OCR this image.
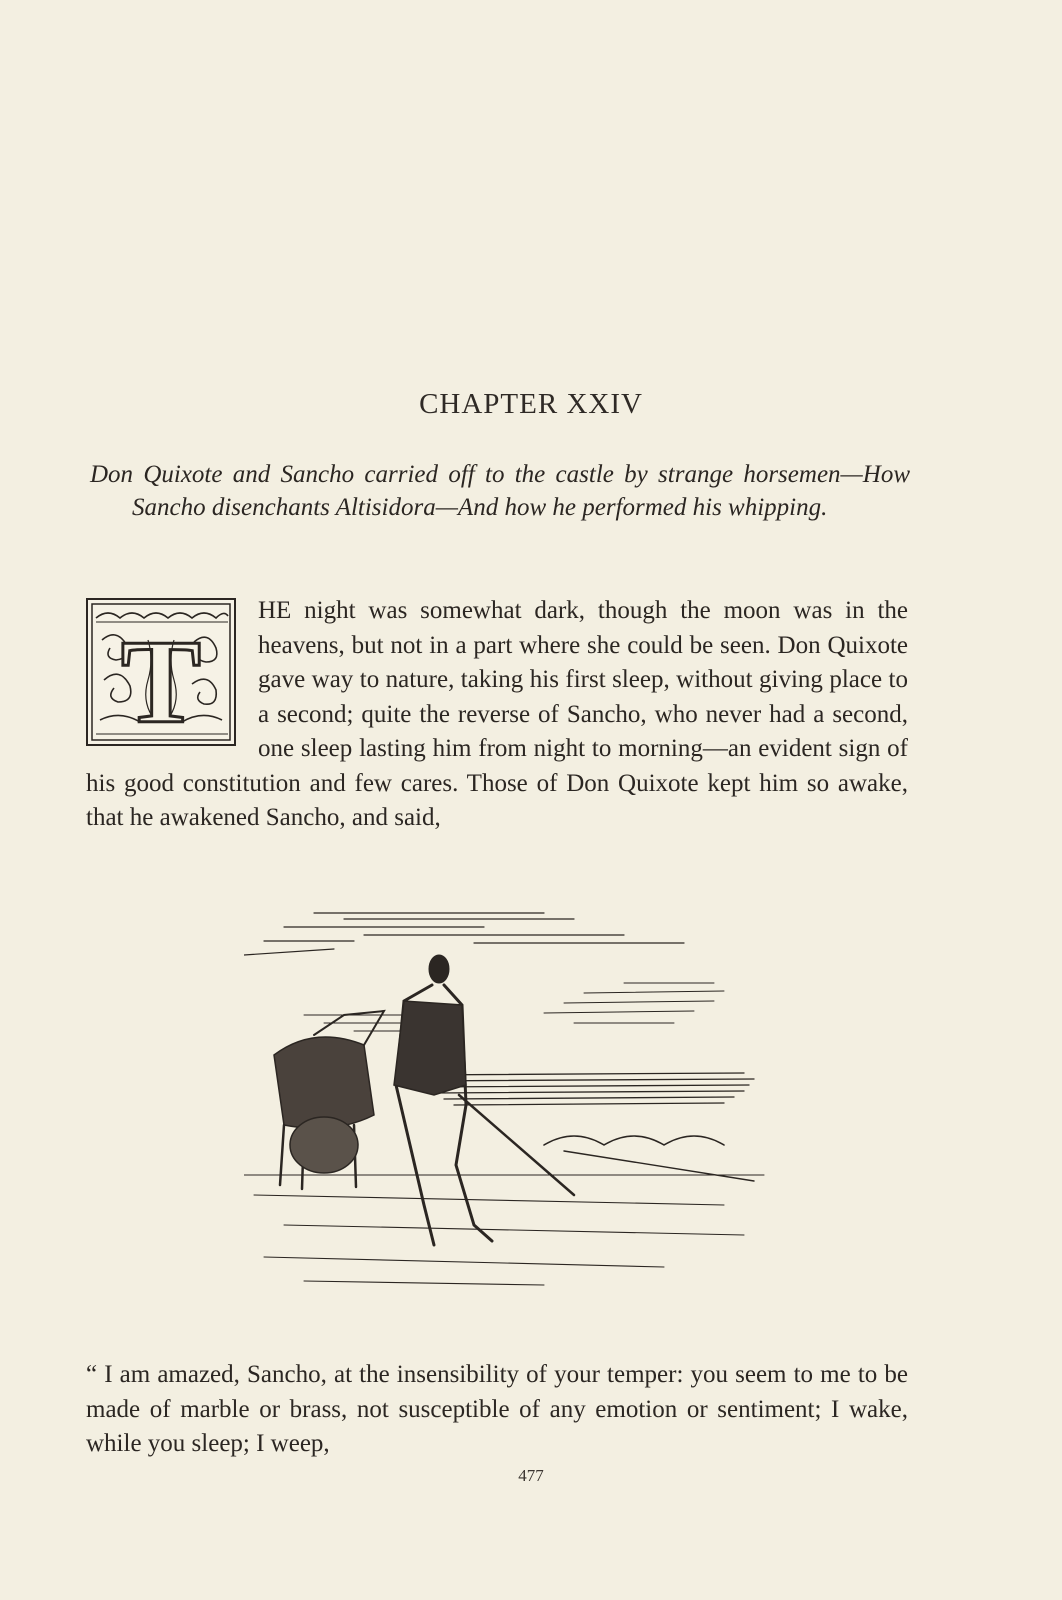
CHAPTER XXIV
Don Quixote and Sancho carried off to the castle by strange horsemen—How Sancho disenchants Altisidora—And how he performed his whipping.
T
HE night was somewhat dark, though the moon was in the heavens, but not in a part where she could be seen. Don Quixote gave way to nature, taking his first sleep, without giving place to a second; quite the reverse of Sancho, who never had a second, one sleep lasting him from night to morning—an evident sign of his good constitution and few cares. Those of Don Quixote kept him so awake, that he awakened Sancho, and said,
“ I am amazed, Sancho, at the insensibility of your temper: you seem to me to be made of marble or brass, not susceptible of any emotion or sentiment; I wake, while you sleep; I weep,
477
